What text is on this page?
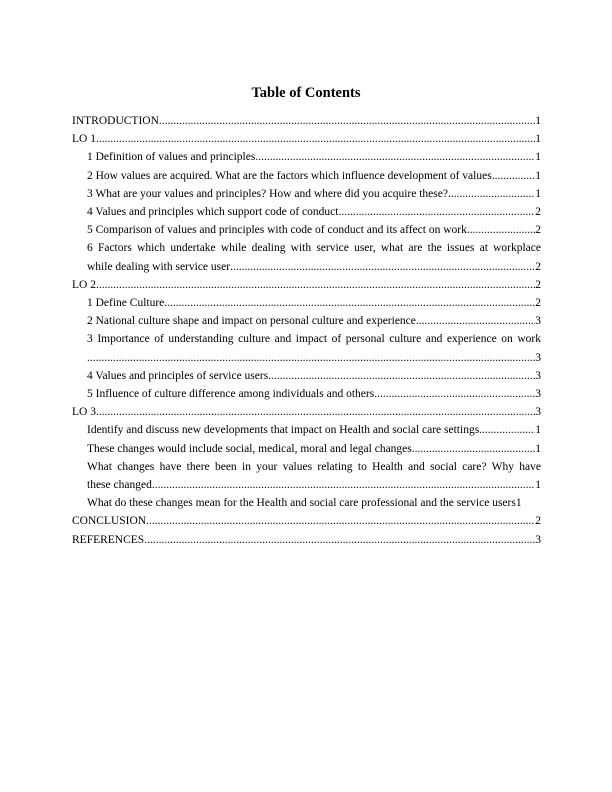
Table of Contents
INTRODUCTION .....	1
LO 1 .....	1
1 Definition of values and principles .....	1
2 How values are acquired. What are the factors which influence development of values .....	1
3 What are your values and principles? How and where did you acquire these? .....	1
4 Values and principles which support code of conduct .....	2
5 Comparison of values and principles with code of conduct and its affect on work .....	2
6 Factors which undertake while dealing with service user, what are the issues at workplace
while dealing with service user .....	2
LO 2 .....	2
1 Define Culture .....	2
2 National culture shape and impact on personal culture and experience .....	3
3 Importance of understanding culture and impact of personal culture and experience on work
.....
3
4 Values and principles of service users .....	3
5 Influence of culture difference among individuals and others .....	3
LO 3 .....	3
Identify and discuss new developments that impact on Health and social care settings .....	1
These changes would include social, medical, moral and legal changes .....	1
What changes have there been in your values relating to Health and social care? Why have
these changed .....	1
What do these changes mean for the Health and social care professional and the service users 1
CONCLUSION .....	2
REFERENCES .....	3
